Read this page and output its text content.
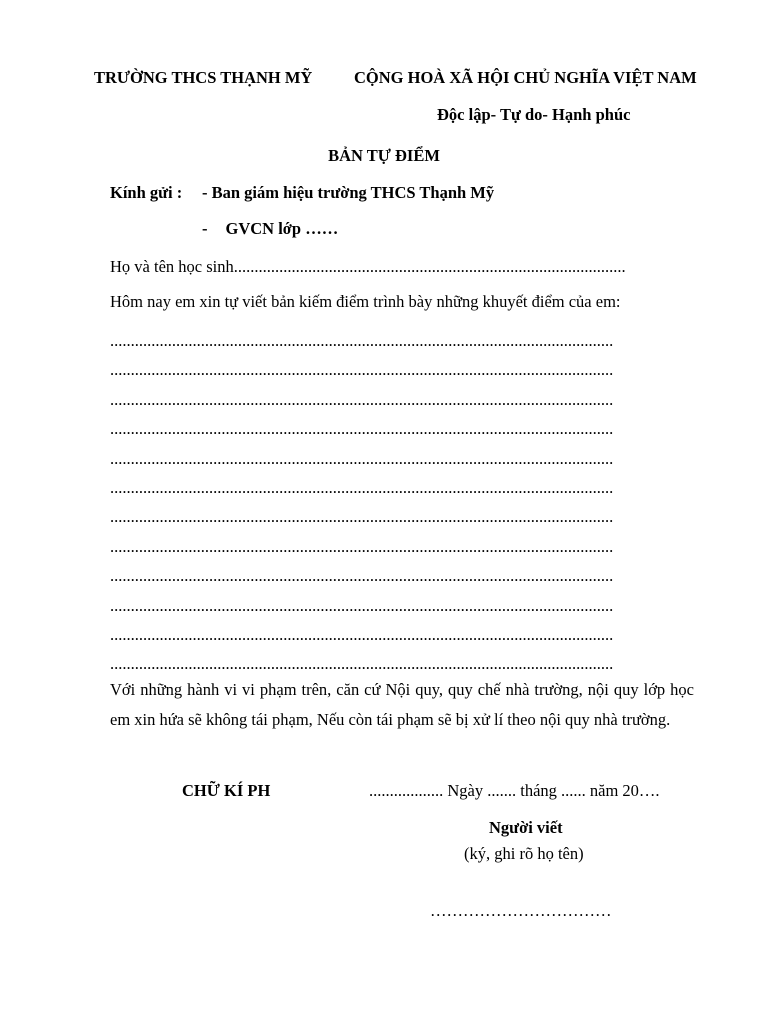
TRƯỜNG THCS THẠNH MỸ	CỘNG HOÀ XÃ HỘI CHỦ NGHĨA VIỆT NAM
Độc lập- Tự do- Hạnh phúc
BẢN TỰ ĐIỂM
Kính gửi : - Ban giám hiệu trường THCS Thạnh Mỹ
- GVCN lớp ……
Họ và tên học sinh...............................................................................................
Hôm nay em xin tự viết bản kiếm điểm trình bày những khuyết điểm của em:
..........................................................................................................................
..........................................................................................................................
..........................................................................................................................
..........................................................................................................................
..........................................................................................................................
..........................................................................................................................
..........................................................................................................................
..........................................................................................................................
..........................................................................................................................
..........................................................................................................................
..........................................................................................................................
..........................................................................................................................
Với những hành vi vi phạm trên, căn cứ Nội quy, quy chế nhà trường, nội quy lớp học em xin hứa sẽ không tái phạm, Nếu còn tái phạm sẽ bị xử lí theo nội quy nhà trường.
CHỮ KÍ PH	.................. Ngày ....... tháng ...... năm 20….
Người viết
(ký, ghi rõ họ tên)
……………………………
